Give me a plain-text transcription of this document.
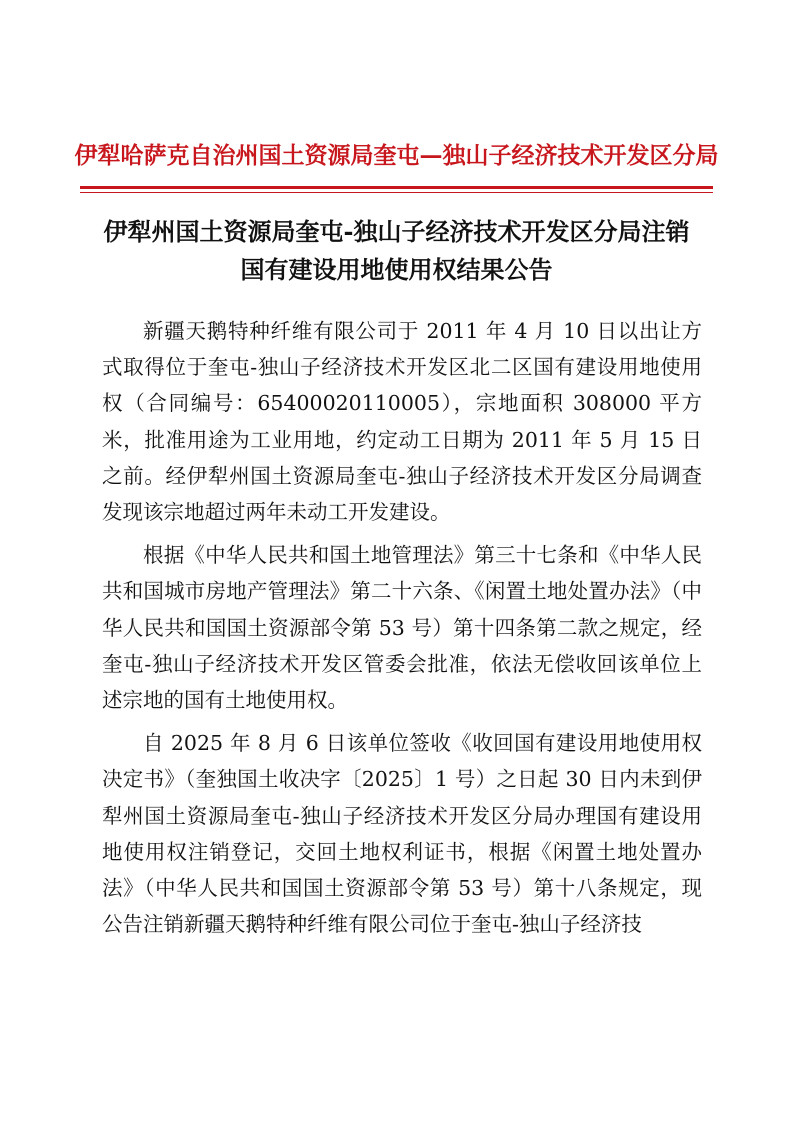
伊犁哈萨克自治州国土资源局奎屯—独山子经济技术开发区分局
伊犁州国土资源局奎屯-独山子经济技术开发区分局注销
国有建设用地使用权结果公告

新疆天鹅特种纤维有限公司于 2011 年 4 月 10 日以出让方式取得位于奎屯-独山子经济技术开发区北二区国有建设用地使用权（合同编号：65400020110005），宗地面积 308000 平方米，批准用途为工业用地，约定动工日期为 2011 年 5 月 15 日之前。经伊犁州国土资源局奎屯-独山子经济技术开发区分局调查发现该宗地超过两年未动工开发建设。

根据《中华人民共和国土地管理法》第三十七条和《中华人民共和国城市房地产管理法》第二十六条、《闲置土地处置办法》（中华人民共和国国土资源部令第 53 号）第十四条第二款之规定，经奎屯-独山子经济技术开发区管委会批准，依法无偿收回该单位上述宗地的国有土地使用权。

自 2025 年 8 月 6 日该单位签收《收回国有建设用地使用权决定书》（奎独国土收决字〔2025〕1 号）之日起 30 日内未到伊犁州国土资源局奎屯-独山子经济技术开发区分局办理国有建设用地使用权注销登记，交回土地权利证书，根据《闲置土地处置办法》（中华人民共和国国土资源部令第 53 号）第十八条规定，现公告注销新疆天鹅特种纤维有限公司位于奎屯-独山子经济技
